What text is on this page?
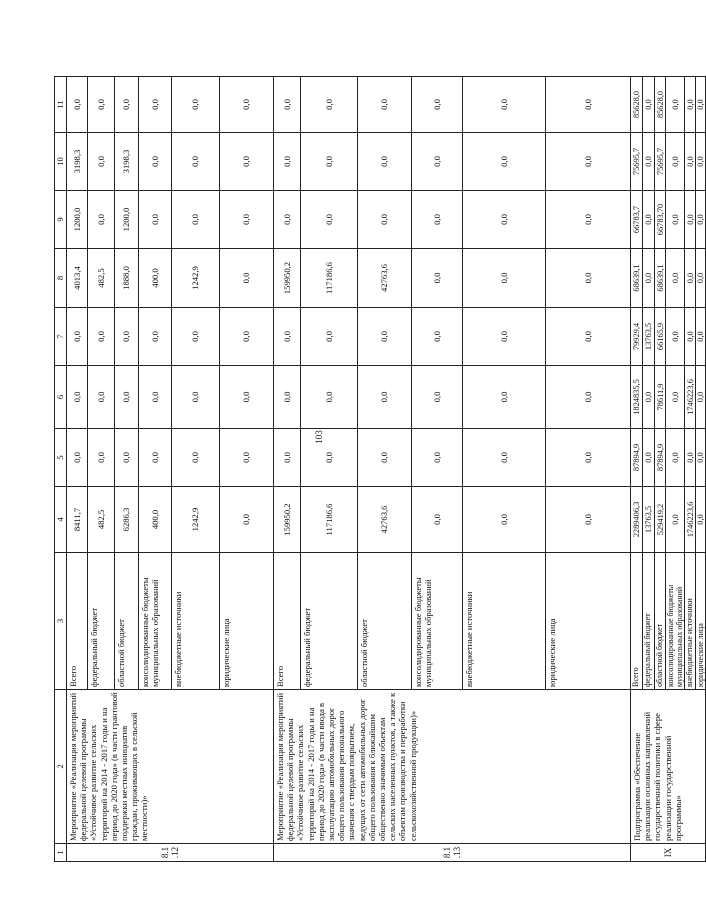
103
1	2	3	4	5	6	7	8	9	10	11
8.1.12	Мероприятие «Реализация мероприятий федеральной целевой программы «Устойчивое развитие сельских территорий на 2014 - 2017 годы и на период до 2020 года» (в части грантовой поддержки местных инициатив граждан, проживающих в сельской местности)»	Всего	8411,7	0,0	0,0	0,0	4013,4	1200,0	3198,3	0,0
		федеральный бюджет	482,5	0,0	0,0	0,0	482,5	0,0	0,0	0,0
		областной бюджет	6286,3	0,0	0,0	0,0	1888,0	1200,0	3198,3	0,0
		консолидированные бюджеты муниципальных образований	400,0	0,0	0,0	0,0	400,0	0,0	0,0	0,0
		внебюджетные источники	1242,9	0,0	0,0	0,0	1242,9	0,0	0,0	0,0
		юридические лица	0,0	0,0	0,0	0,0	0,0	0,0	0,0	0,0
8.1.13	Мероприятие «Реализация мероприятий федеральной целевой программы «Устойчивое развитие сельских территорий на 2014 - 2017 годы и на период до 2020 года» (в части ввода в эксплуатацию автомобильных дорог общего пользования регионального значения с твердым покрытием, ведущих от сети автомобильных дорог общего пользования к ближайшим общественно значимым объектам сельских населенных пунктов, а также к объектам производства и переработки сельскохозяйственной продукции)»	Всего	159950,2	0,0	0,0	0,0	159950,2	0,0	0,0	0,0
		федеральный бюджет	117186,6	0,0	0,0	0,0	117186,6	0,0	0,0	0,0
		областной бюджет	42763,6	0,0	0,0	0,0	42763,6	0,0	0,0	0,0
		консолидированные бюджеты муниципальных образований	0,0	0,0	0,0	0,0	0,0	0,0	0,0	0,0
		внебюджетные источники	0,0	0,0	0,0	0,0	0,0	0,0	0,0	0,0
		юридические лица	0,0	0,0	0,0	0,0	0,0	0,0	0,0	0,0
IX	Подпрограмма «Обеспечение реализации основных направлений государственной политики в сфере реализации государственной программы»	Всего	2289406,3	87894,9	1824835,5	79929,4	68639,1	66783,7	75695,7	85628,0
		федеральный бюджет	13763,5	0,0	0,0	13763,5	0,0	0,0	0,0	0,0
		областной бюджет	529419,2	87894,9	78611,9	66165,9	68639,1	66783,70	75695,7	85628,0
		консолидированные бюджеты муниципальных образований	0,0	0,0	0,0	0,0	0,0	0,0	0,0	0,0
		внебюджетные источники	1746223,6	0,0	1746223,6	0,0	0,0	0,0	0,0	0,0
		юридические лица	0,0	0,0	0,0	0,0	0,0	0,0	0,0	0,0
